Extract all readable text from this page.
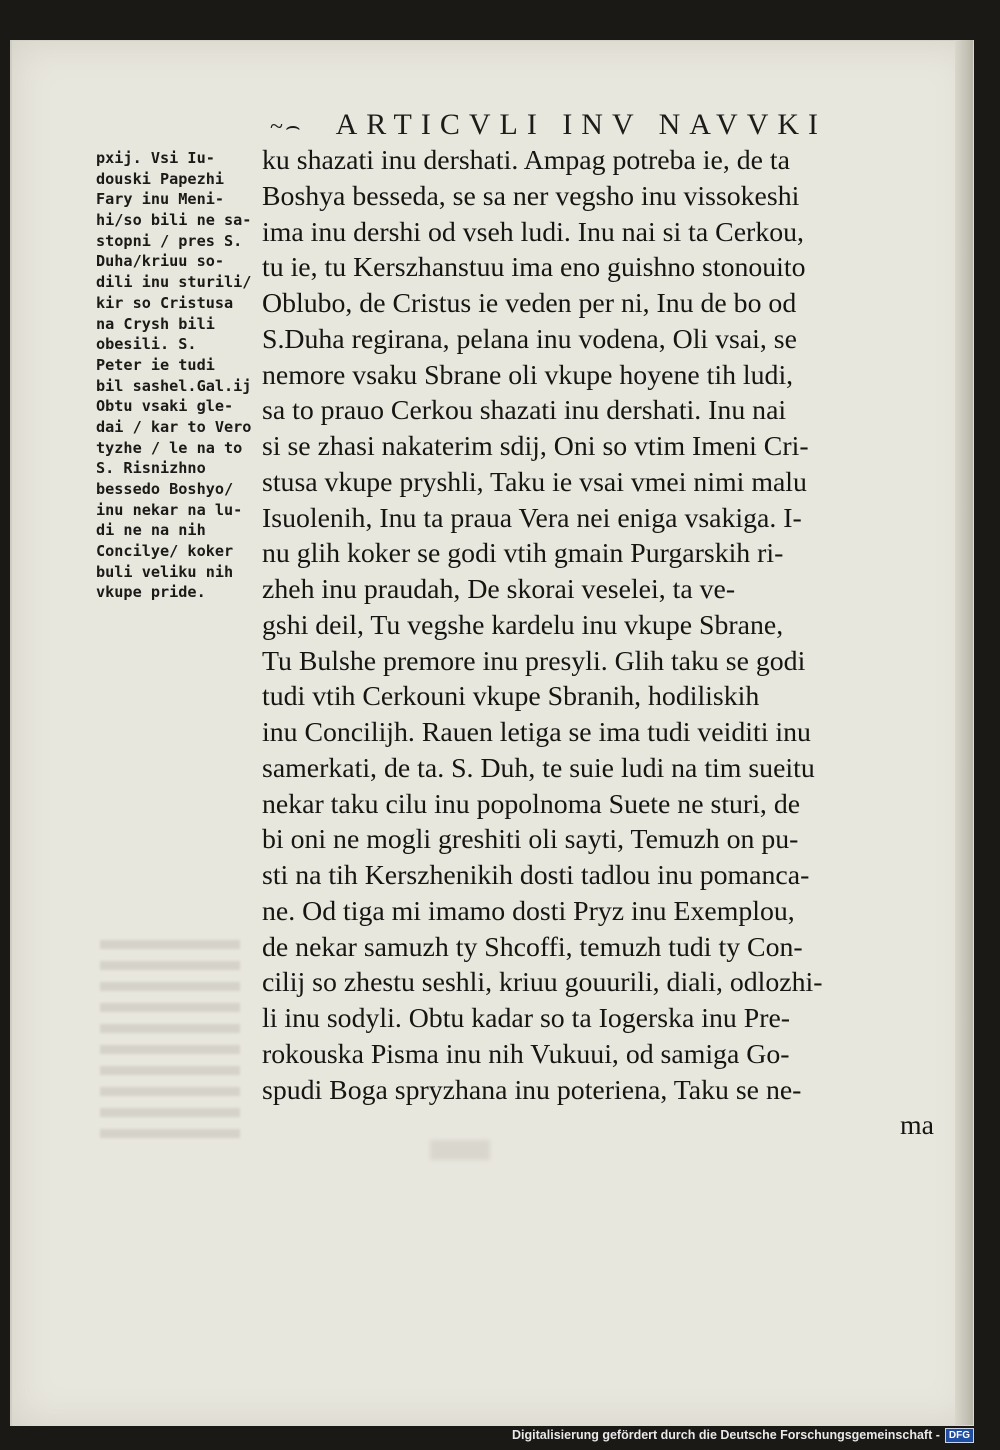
~⌢ ARTICVLI INV NAVVKI
pxij. Vsi Iu-
douski Papezhi
Fary inu Meni-
hi/so bili ne sa-
stopni / pres S.
Duha/kriuu so-
dili inu sturili/
kir so Cristusa
na Crysh bili
obesili. S.
Peter ie tudi
bil sashel.Gal.ij
Obtu vsaki gle-
dai / kar to Vero
tyzhe / le na to
S. Risnizhno
bessedo Boshyo/
inu nekar na lu-
di ne na nih
Concilye/ koker
buli veliku nih
vkupe pride.
ku shazati inu dershati. Ampag potreba ie, de ta
Boshya besseda, se sa ner vegsho inu vissokeshi
ima inu dershi od vseh ludi. Inu nai si ta Cerkou,
tu ie, tu Kerszhanstuu ima eno guishno stonouito
Oblubo, de Cristus ie veden per ni, Inu de bo od
S.Duha regirana, pelana inu vodena, Oli vsai, se
nemore vsaku Sbrane oli vkupe hoyene tih ludi,
sa to prauo Cerkou shazati inu dershati. Inu nai
si se zhasi nakaterim sdij, Oni so vtim Imeni Cri-
stusa vkupe pryshli, Taku ie vsai vmei nimi malu
Isuolenih, Inu ta praua Vera nei eniga vsakiga. I-
nu glih koker se godi vtih gmain Purgarskih ri-
zheh inu praudah, De skorai veselei, ta ve-
gshi deil, Tu vegshe kardelu inu vkupe Sbrane,
Tu Bulshe premore inu presyli. Glih taku se godi
tudi vtih Cerkouni vkupe Sbranih, hodiliskih
inu Concilijh. Rauen letiga se ima tudi veiditi inu
samerkati, de ta. S. Duh, te suie ludi na tim sueitu
nekar taku cilu inu popolnoma Suete ne sturi, de
bi oni ne mogli greshiti oli sayti, Temuzh on pu-
sti na tih Kerszhenikih dosti tadlou inu pomanca-
ne. Od tiga mi imamo dosti Pryz inu Exemplou,
de nekar samuzh ty Shcoffi, temuzh tudi ty Con-
cilij so zhestu seshli, kriuu gouurili, diali, odlozhi-
li inu sodyli. Obtu kadar so ta Iogerska inu Pre-
rokouska Pisma inu nih Vukuui, od samiga Go-
spudi Boga spryzhana inu poteriena, Taku se ne-
ma
Digitalisierung gefördert durch die Deutsche Forschungsgemeinschaft - DFG
